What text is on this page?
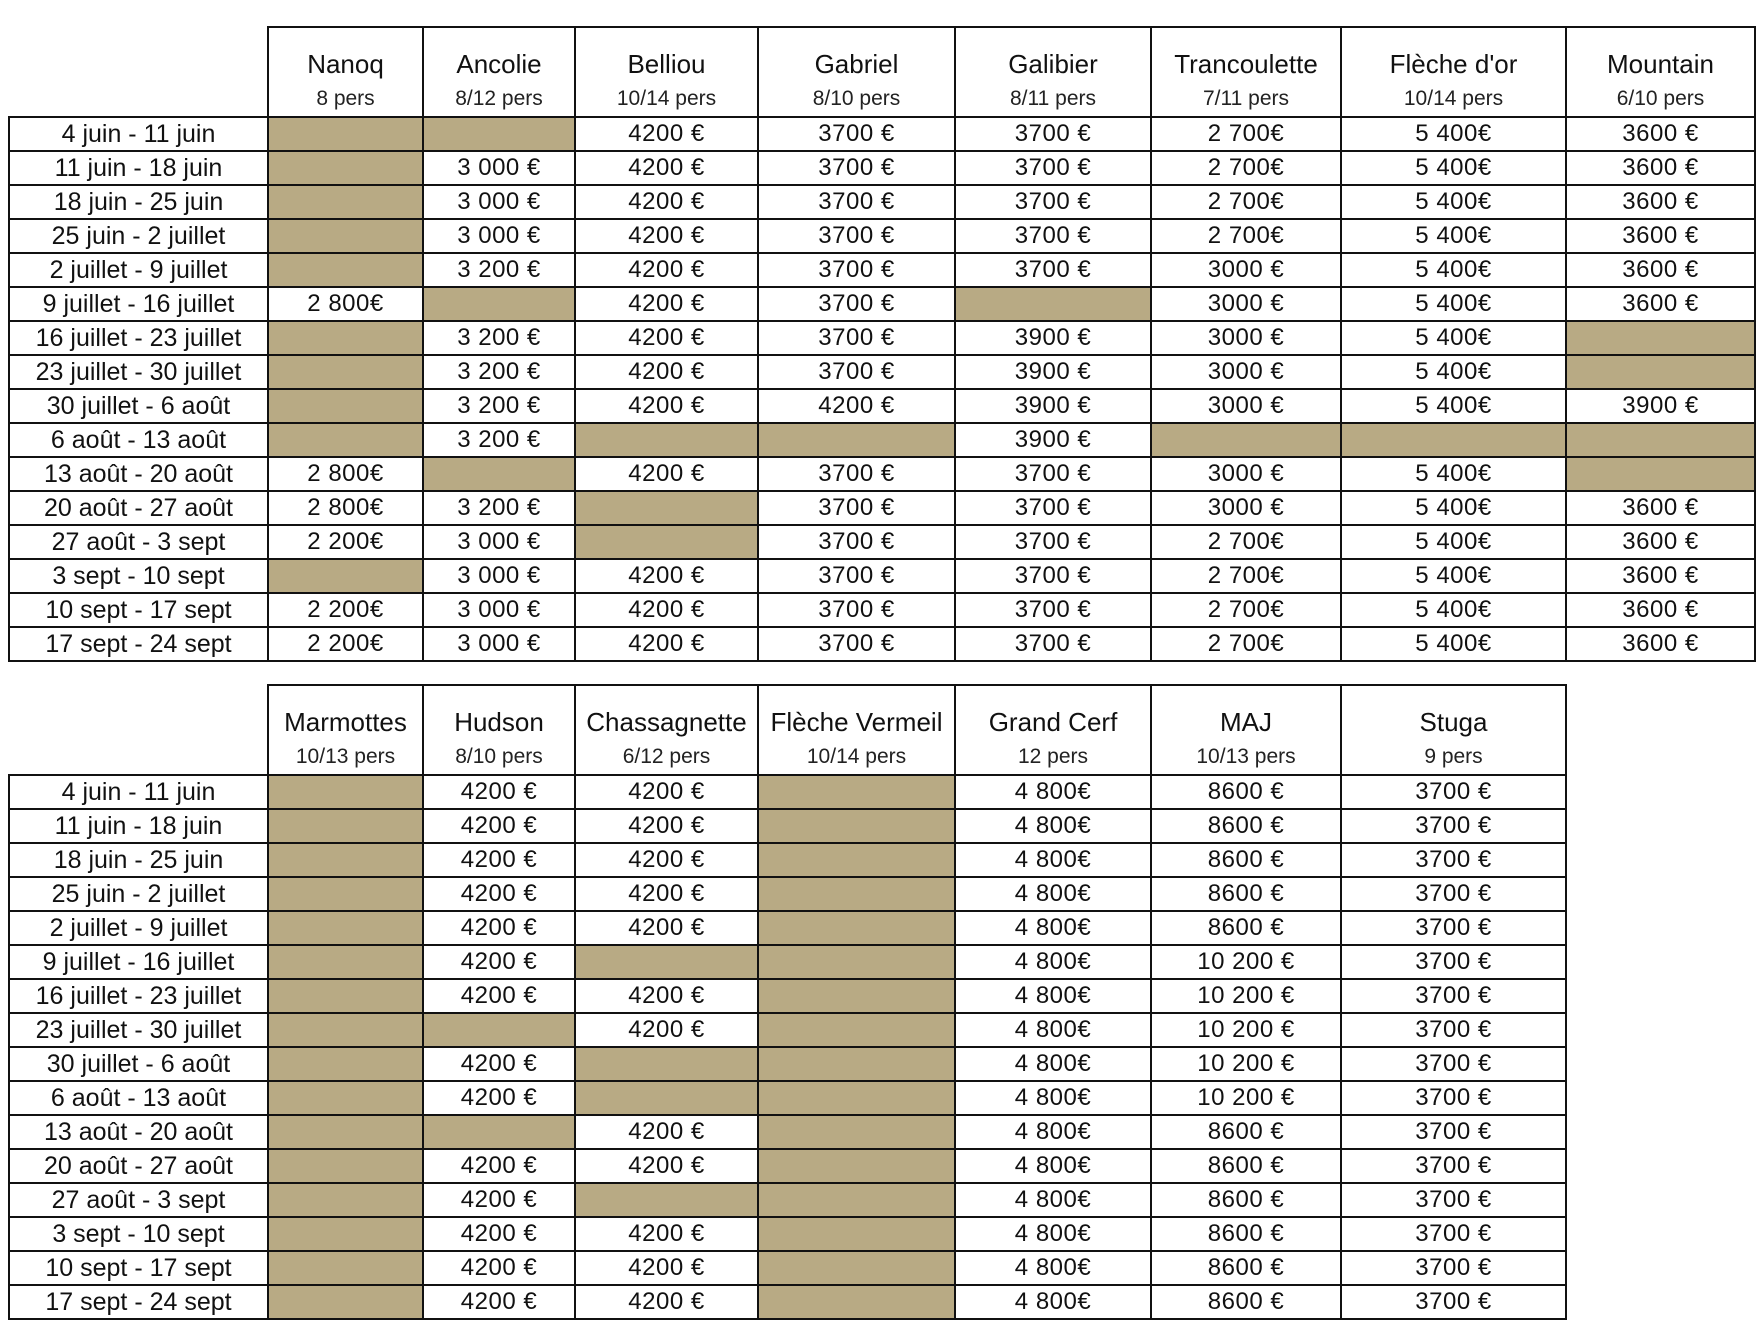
	Nanoq	Ancolie	Belliou	Gabriel	Galibier	Trancoulette	Flèche d'or	Mountain
	8 pers	8/12 pers	10/14 pers	8/10 pers	8/11 pers	7/11 pers	10/14 pers	6/10 pers
4 juin - 11 juin			4200 €	3700 €	3700 €	2 700€	5 400€	3600 €
11 juin - 18 juin		3 000 €	4200 €	3700 €	3700 €	2 700€	5 400€	3600 €
18 juin - 25 juin		3 000 €	4200 €	3700 €	3700 €	2 700€	5 400€	3600 €
25 juin - 2 juillet		3 000 €	4200 €	3700 €	3700 €	2 700€	5 400€	3600 €
2 juillet - 9 juillet		3 200 €	4200 €	3700 €	3700 €	3000 €	5 400€	3600 €
9 juillet - 16 juillet	2 800€		4200 €	3700 €		3000 €	5 400€	3600 €
16 juillet - 23 juillet		3 200 €	4200 €	3700 €	3900 €	3000 €	5 400€	
23 juillet - 30 juillet		3 200 €	4200 €	3700 €	3900 €	3000 €	5 400€	
30 juillet - 6 août		3 200 €	4200 €	4200 €	3900 €	3000 €	5 400€	3900 €
6 août - 13 août		3 200 €			3900 €			
13 août - 20 août	2 800€		4200 €	3700 €	3700 €	3000 €	5 400€	
20 août - 27 août	2 800€	3 200 €		3700 €	3700 €	3000 €	5 400€	3600 €
27 août - 3 sept	2 200€	3 000 €		3700 €	3700 €	2 700€	5 400€	3600 €
3 sept - 10 sept		3 000 €	4200 €	3700 €	3700 €	2 700€	5 400€	3600 €
10 sept - 17 sept	2 200€	3 000 €	4200 €	3700 €	3700 €	2 700€	5 400€	3600 €
17 sept - 24 sept	2 200€	3 000 €	4200 €	3700 €	3700 €	2 700€	5 400€	3600 €
	Marmottes	Hudson	Chassagnette	Flèche Vermeil	Grand Cerf	MAJ	Stuga
	10/13 pers	8/10 pers	6/12 pers	10/14 pers	12 pers	10/13 pers	9 pers
4 juin - 11 juin		4200 €	4200 €		4 800€	8600 €	3700 €
11 juin - 18 juin		4200 €	4200 €		4 800€	8600 €	3700 €
18 juin - 25 juin		4200 €	4200 €		4 800€	8600 €	3700 €
25 juin - 2 juillet		4200 €	4200 €		4 800€	8600 €	3700 €
2 juillet - 9 juillet		4200 €	4200 €		4 800€	8600 €	3700 €
9 juillet - 16 juillet		4200 €			4 800€	10 200 €	3700 €
16 juillet - 23 juillet		4200 €	4200 €		4 800€	10 200 €	3700 €
23 juillet - 30 juillet			4200 €		4 800€	10 200 €	3700 €
30 juillet - 6 août		4200 €			4 800€	10 200 €	3700 €
6 août - 13 août		4200 €			4 800€	10 200 €	3700 €
13 août - 20 août			4200 €		4 800€	8600 €	3700 €
20 août - 27 août		4200 €	4200 €		4 800€	8600 €	3700 €
27 août - 3 sept		4200 €			4 800€	8600 €	3700 €
3 sept - 10 sept		4200 €	4200 €		4 800€	8600 €	3700 €
10 sept - 17 sept		4200 €	4200 €		4 800€	8600 €	3700 €
17 sept - 24 sept		4200 €	4200 €		4 800€	8600 €	3700 €
